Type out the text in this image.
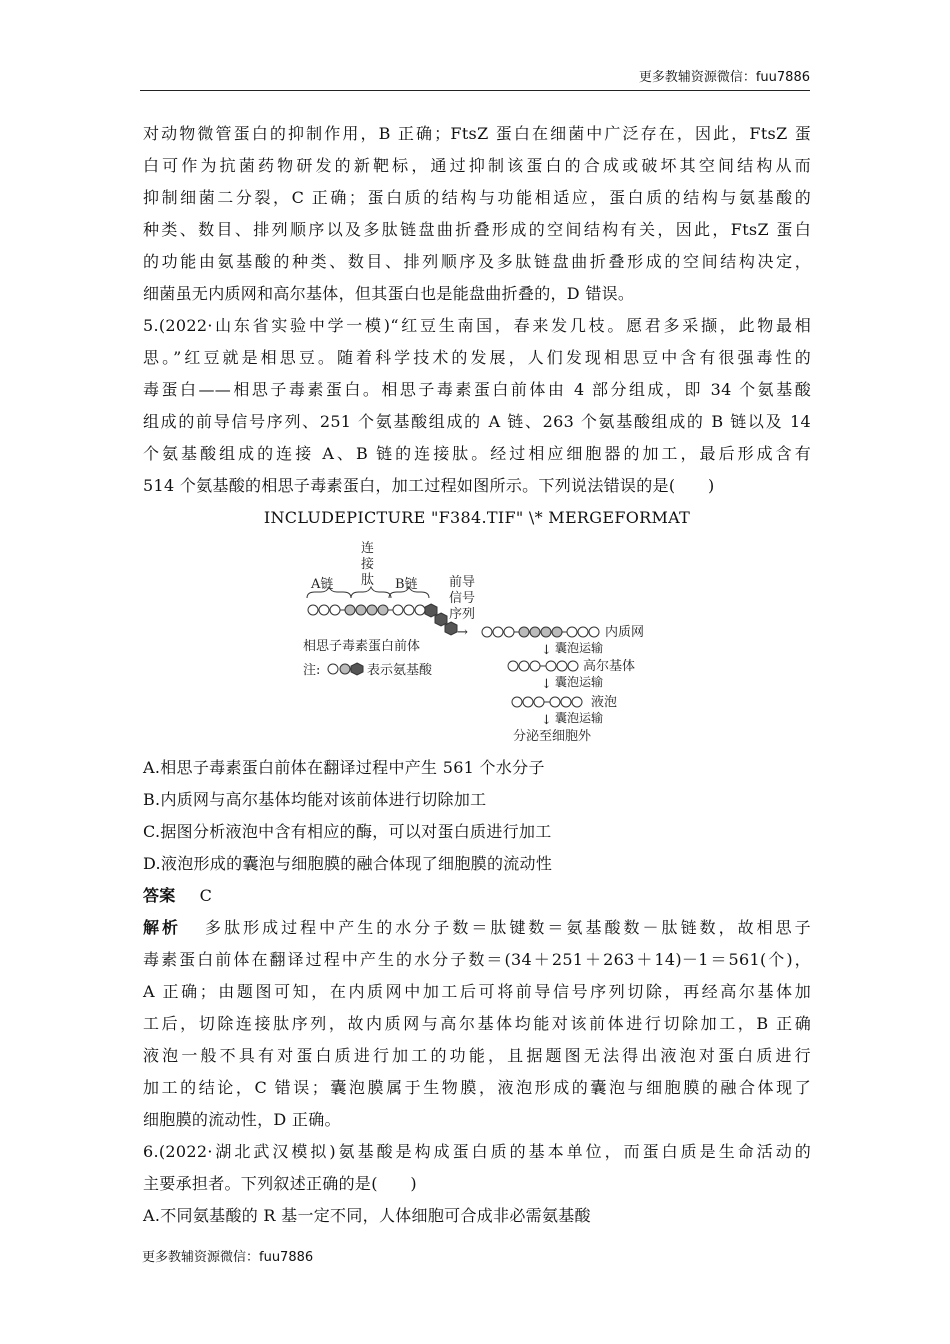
更多教辅资源微信：fuu7886
对动物微管蛋白的抑制作用，B 正确；FtsZ 蛋白在细菌中广泛存在，因此，FtsZ 蛋
白可作为抗菌药物研发的新靶标，通过抑制该蛋白的合成或破坏其空间结构从而
抑制细菌二分裂，C 正确；蛋白质的结构与功能相适应，蛋白质的结构与氨基酸的
种类、数目、排列顺序以及多肽链盘曲折叠形成的空间结构有关，因此，FtsZ 蛋白
的功能由氨基酸的种类、数目、排列顺序及多肽链盘曲折叠形成的空间结构决定，
细菌虽无内质网和高尔基体，但其蛋白也是能盘曲折叠的，D 错误。
5.(2022·山东省实验中学一模)“红豆生南国，春来发几枝。愿君多采撷，此物最相
思。”红豆就是相思豆。随着科学技术的发展，人们发现相思豆中含有很强毒性的
毒蛋白——相思子毒素蛋白。相思子毒素蛋白前体由 4 部分组成，即 34 个氨基酸
组成的前导信号序列、251 个氨基酸组成的 A 链、263 个氨基酸组成的 B 链以及 14
个氨基酸组成的连接 A、B 链的连接肽。经过相应细胞器的加工，最后形成含有
514 个氨基酸的相思子毒素蛋白，加工过程如图所示。下列说法错误的是(　　)
INCLUDEPICTURE "F384.TIF" \* MERGEFORMAT
A链
连
接
肽 B链 前导
信号
序列
→
相思子毒素蛋白前体
注:	表示氨基酸
内质网
↓ 囊泡运输
高尔基体
↓ 囊泡运输
液泡
↓ 囊泡运输
分泌至细胞外
A.相思子毒素蛋白前体在翻译过程中产生 561 个水分子
B.内质网与高尔基体均能对该前体进行切除加工
C.据图分析液泡中含有相应的酶，可以对蛋白质进行加工
D.液泡形成的囊泡与细胞膜的融合体现了细胞膜的流动性
答案 C
解析 多肽形成过程中产生的水分子数＝肽键数＝氨基酸数－肽链数，故相思子
毒素蛋白前体在翻译过程中产生的水分子数＝(34＋251＋263＋14)－1＝561(个)，
A 正确；由题图可知，在内质网中加工后可将前导信号序列切除，再经高尔基体加
工后，切除连接肽序列，故内质网与高尔基体均能对该前体进行切除加工，B 正确
液泡一般不具有对蛋白质进行加工的功能，且据题图无法得出液泡对蛋白质进行
加工的结论，C 错误；囊泡膜属于生物膜，液泡形成的囊泡与细胞膜的融合体现了
细胞膜的流动性，D 正确。
6.(2022·湖北武汉模拟)氨基酸是构成蛋白质的基本单位，而蛋白质是生命活动的
主要承担者。下列叙述正确的是(　　)
A.不同氨基酸的 R 基一定不同，人体细胞可合成非必需氨基酸
更多教辅资源微信：fuu7886
